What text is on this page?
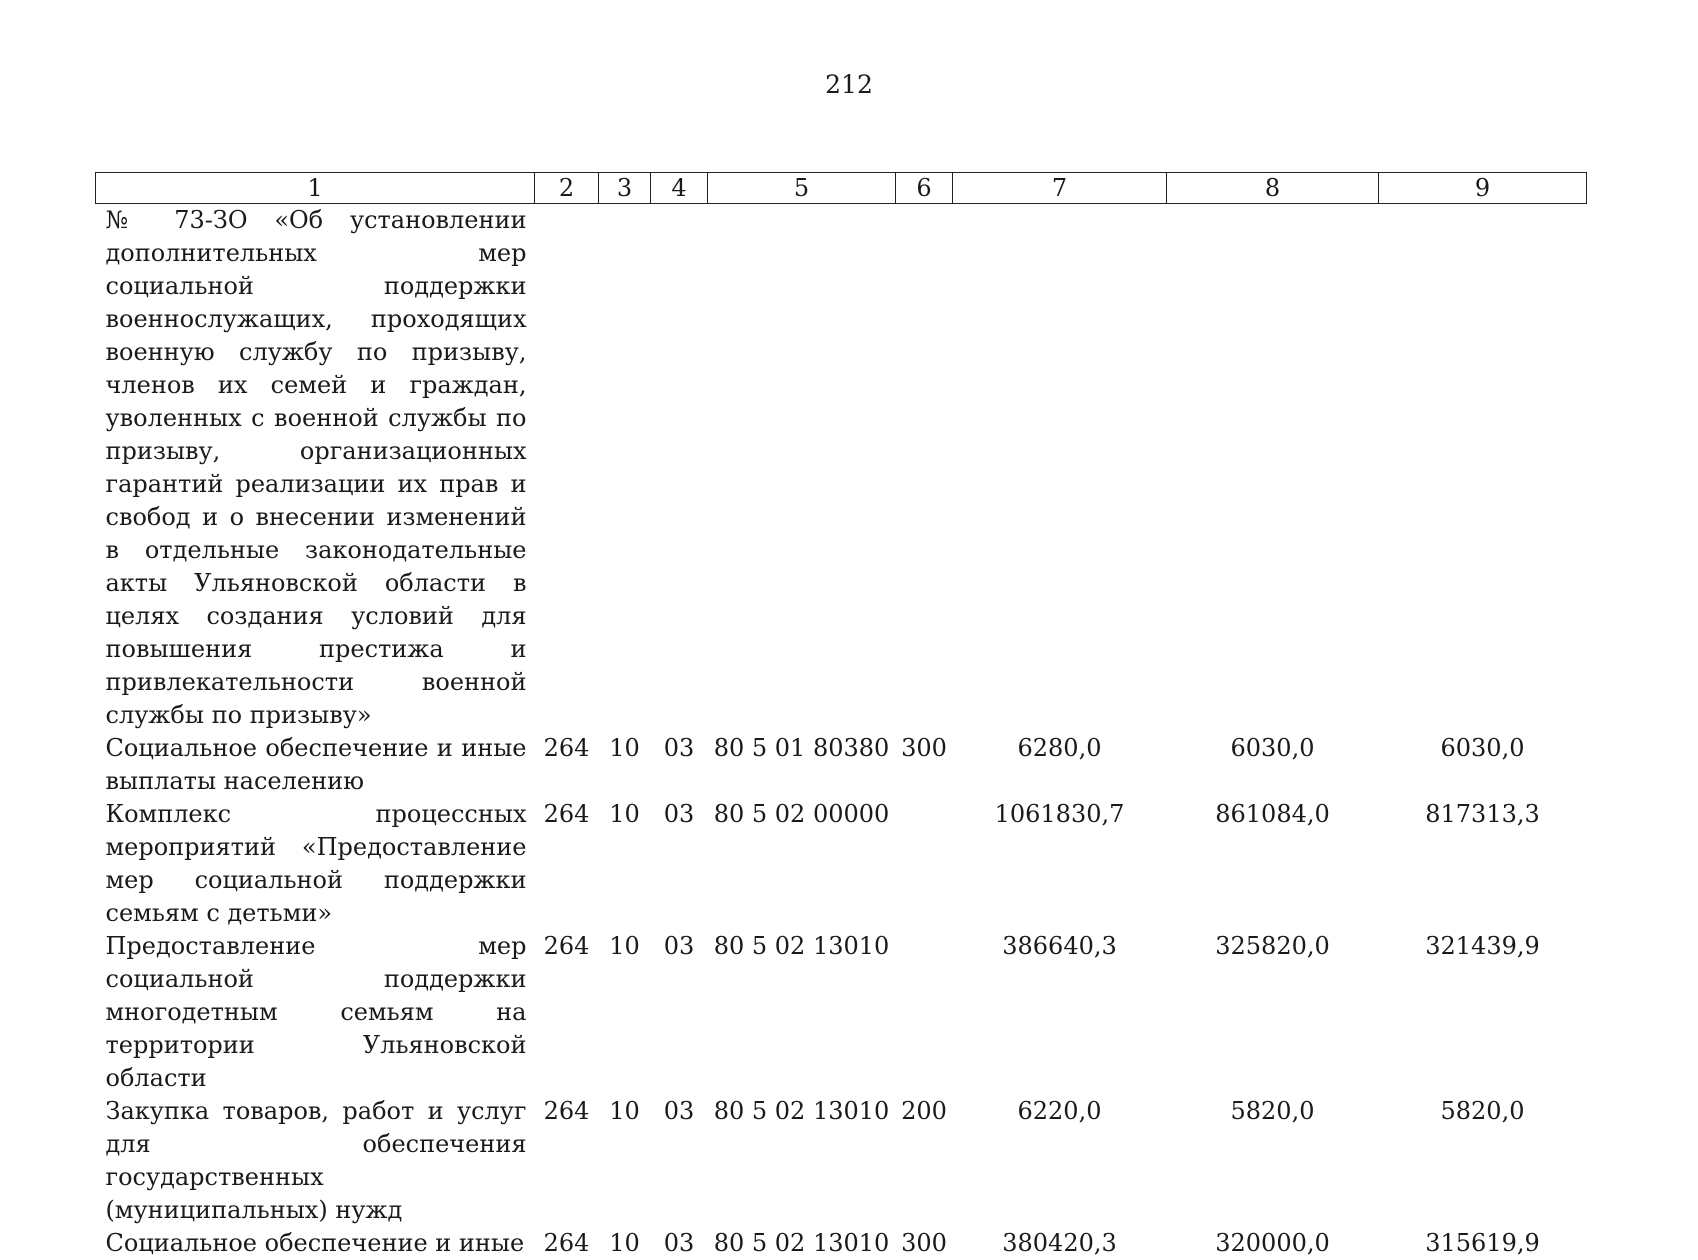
212
1	2	3	4	5	6	7	8	9
№ 73-ЗО «Об установлении дополнительных мер социальной поддержки военнослужащих, проходящих военную службу по призыву, членов их семей и граждан, уволенных с военной службы по призыву, организационных гарантий реализации их прав и свобод и о внесении изменений в отдельные законодательные акты Ульяновской области в целях создания условий для повышения престижа и привлекательности военной службы по призыву»								
Социальное обеспечение и иные выплаты населению	264	10	03	80 5 01 80380	300	6280,0	6030,0	6030,0
Комплекс процессных мероприятий «Предоставление мер социальной поддержки семьям с детьми»	264	10	03	80 5 02 00000		1061830,7	861084,0	817313,3
Предоставление мер социальной поддержки многодетным семьям на территории Ульяновской области	264	10	03	80 5 02 13010		386640,3	325820,0	321439,9
Закупка товаров, работ и услуг для обеспечения государственных (муниципальных) нужд	264	10	03	80 5 02 13010	200	6220,0	5820,0	5820,0
Социальное обеспечение и иные	264	10	03	80 5 02 13010	300	380420,3	320000,0	315619,9
